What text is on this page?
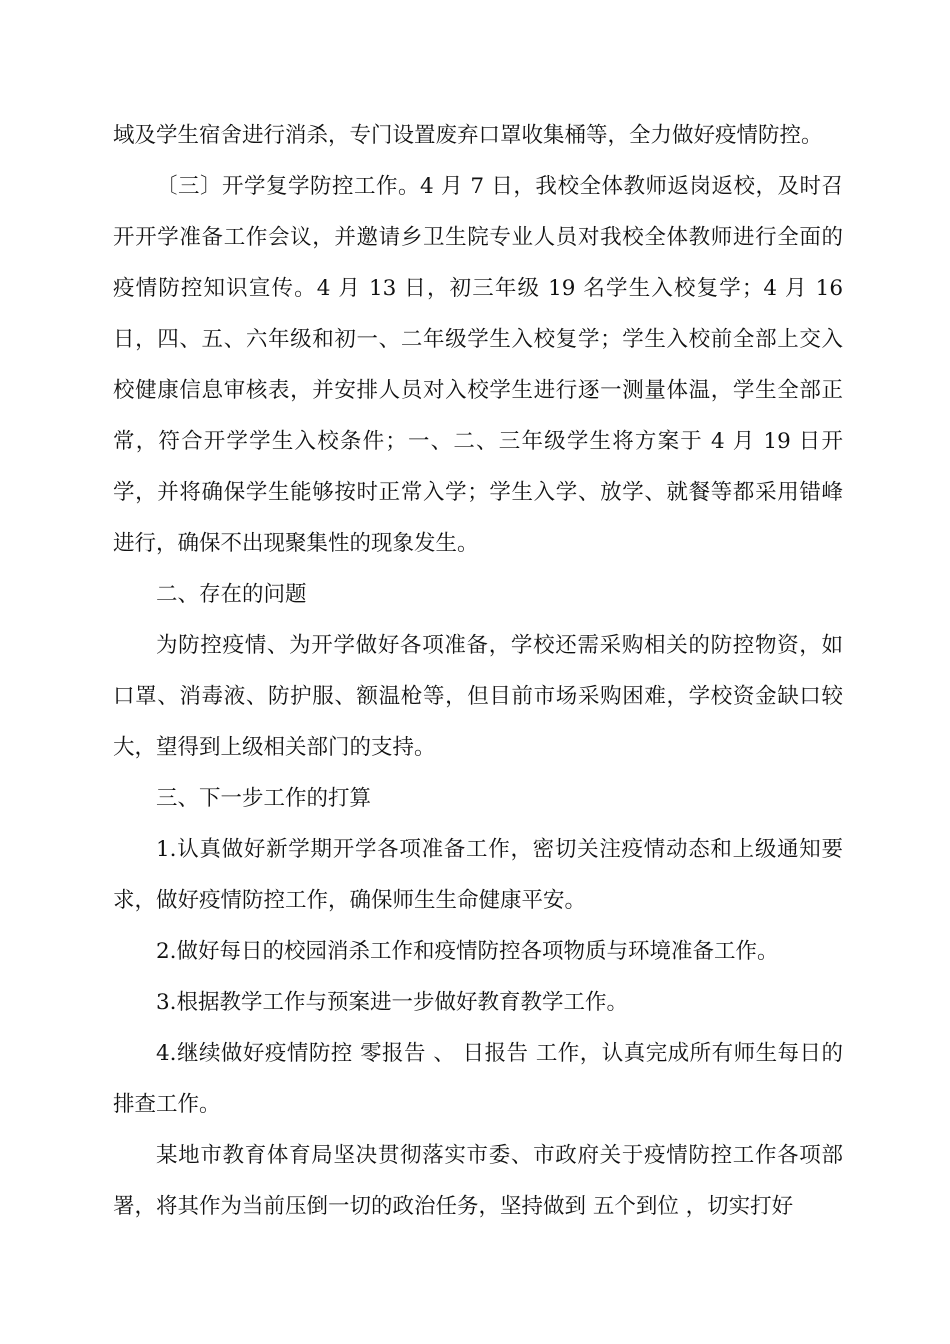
域及学生宿舍进行消杀，专门设置废弃口罩收集桶等，全力做好疫情防控。

〔三〕开学复学防控工作。4 月 7 日，我校全体教师返岗返校，及时召开开学准备工作会议，并邀请乡卫生院专业人员对我校全体教师进行全面的疫情防控知识宣传。4 月 13 日，初三年级 19 名学生入校复学；4 月 16 日，四、五、六年级和初一、二年级学生入校复学；学生入校前全部上交入校健康信息审核表，并安排人员对入校学生进行逐一测量体温，学生全部正常，符合开学学生入校条件；一、二、三年级学生将方案于 4 月 19 日开学，并将确保学生能够按时正常入学；学生入学、放学、就餐等都采用错峰进行，确保不出现聚集性的现象发生。

二、存在的问题

为防控疫情、为开学做好各项准备，学校还需采购相关的防控物资，如口罩、消毒液、防护服、额温枪等，但目前市场采购困难，学校资金缺口较大，望得到上级相关部门的支持。

三、下一步工作的打算

1.认真做好新学期开学各项准备工作，密切关注疫情动态和上级通知要求，做好疫情防控工作，确保师生生命健康平安。

2.做好每日的校园消杀工作和疫情防控各项物质与环境准备工作。

3.根据教学工作与预案进一步做好教育教学工作。

4.继续做好疫情防控 零报告 、 日报告 工作，认真完成所有师生每日的排查工作。

某地市教育体育局坚决贯彻落实市委、市政府关于疫情防控工作各项部署，将其作为当前压倒一切的政治任务，坚持做到 五个到位 ，切实打好
